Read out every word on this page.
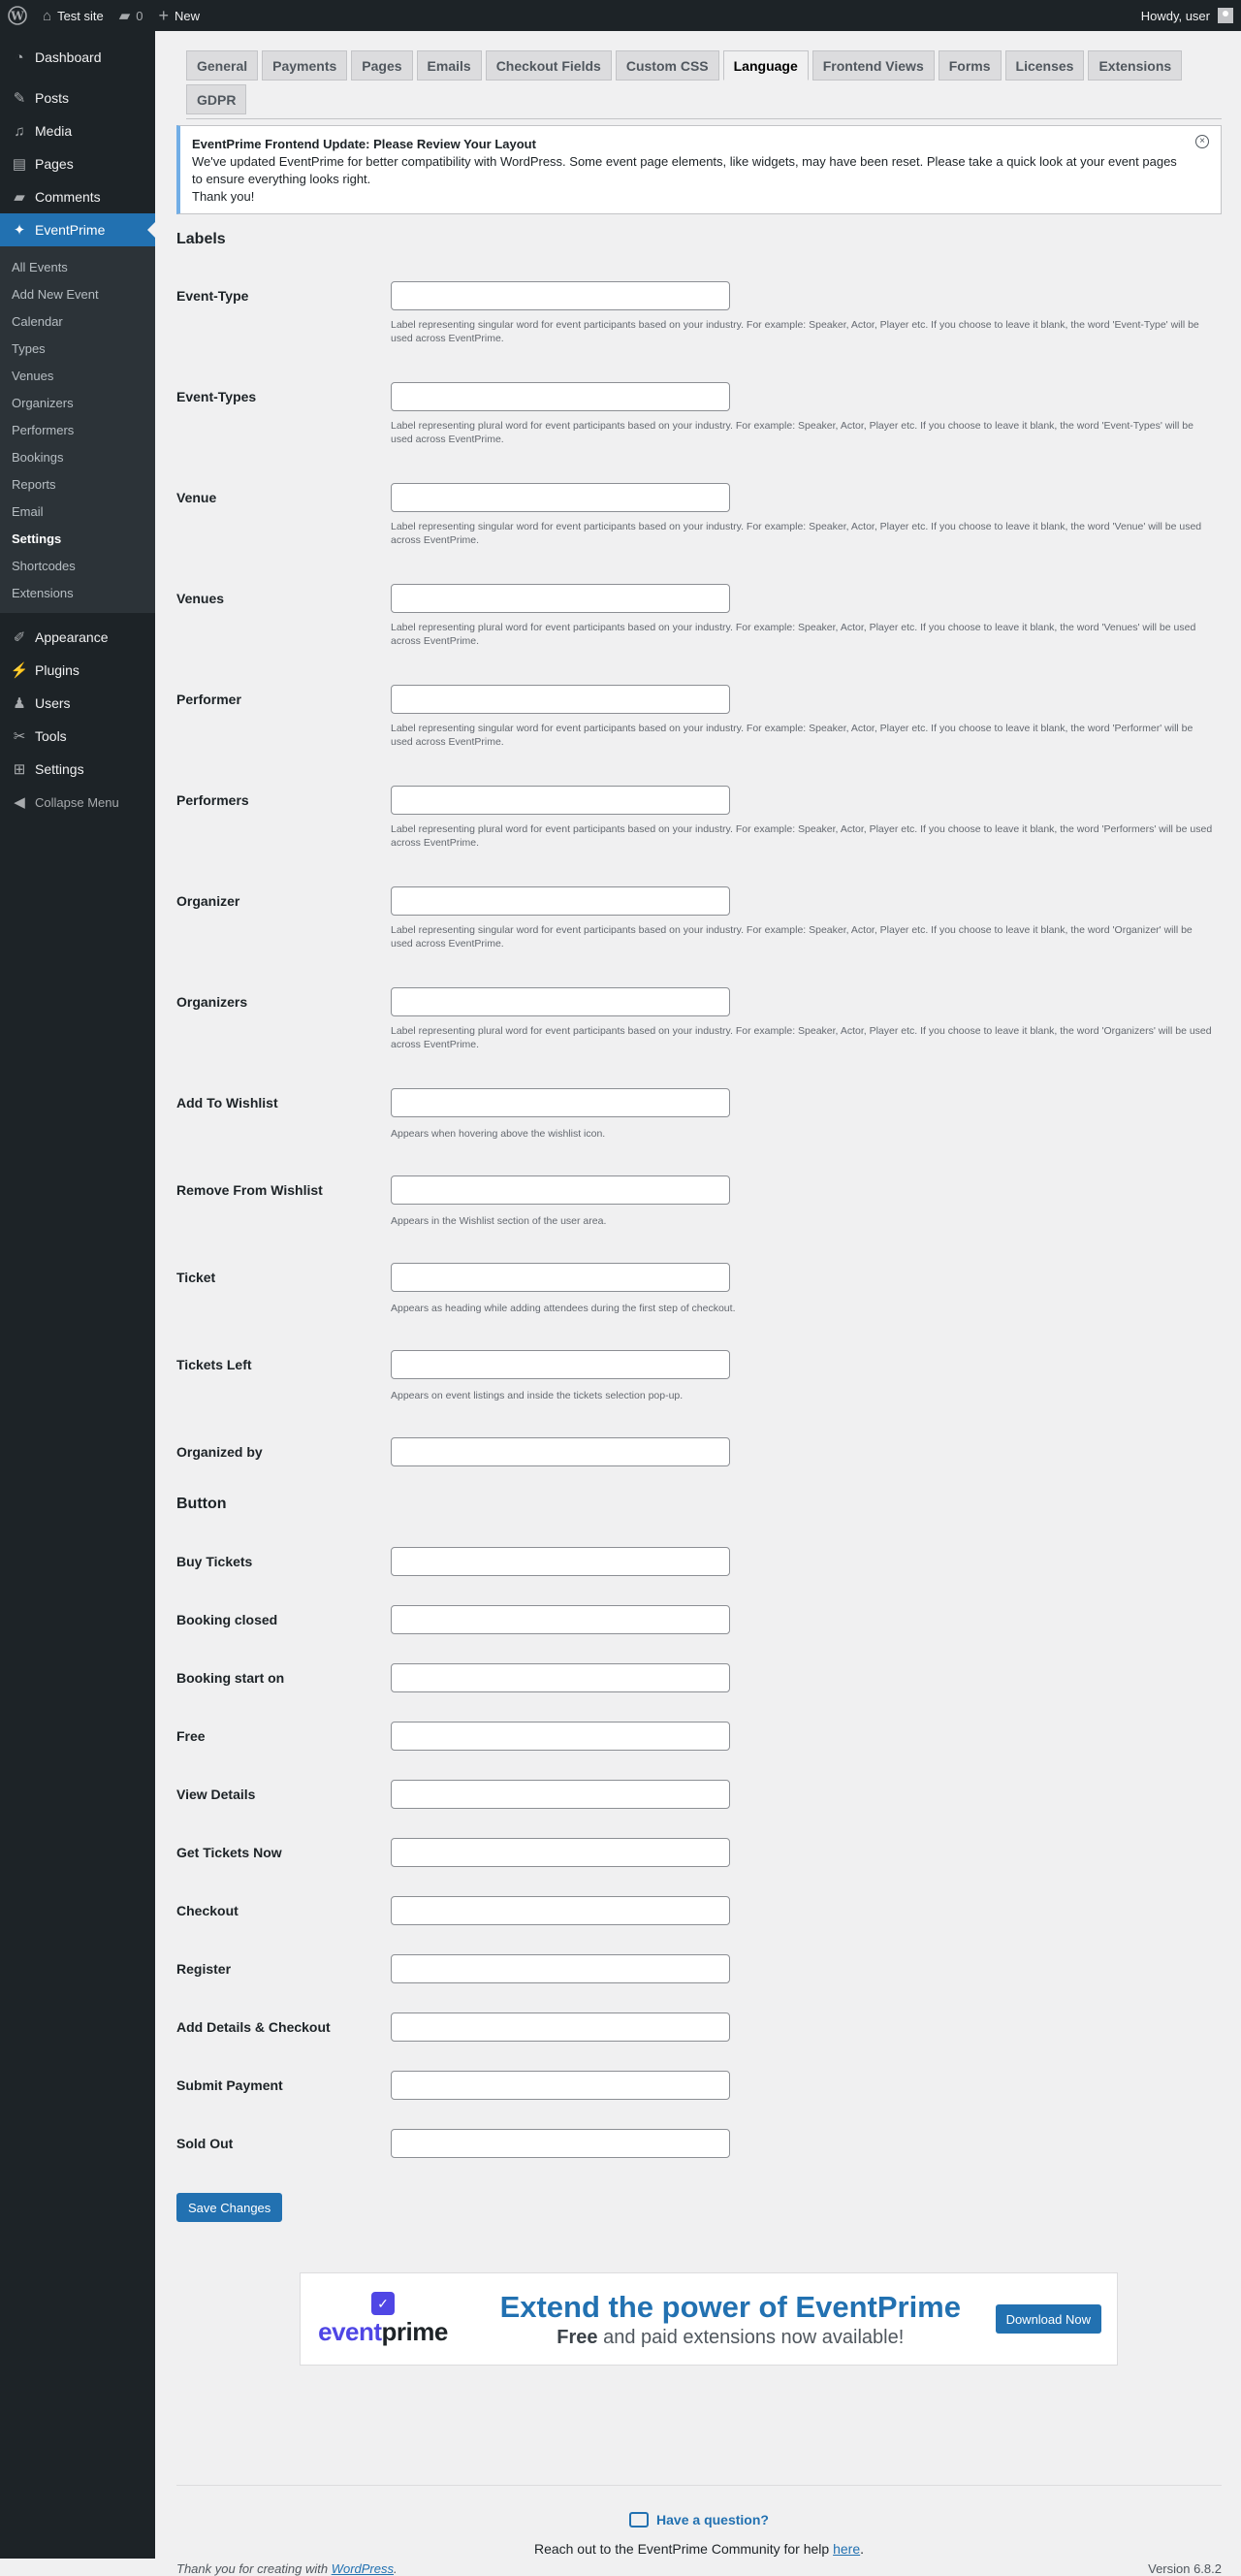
W ⌂ Test site ▰ 0 + New	Howdy, user
◔ Dashboard
✎ Posts
♫ Media
▤ Pages
▰ Comments
✦ EventPrime
All Events
Add New Event
Calendar
Types
Venues
Organizers
Performers
Bookings
Reports
Email
Settings
Shortcodes
Extensions
✐ Appearance
⚡ Plugins
♟ Users
✂ Tools
⊞ Settings
◀ Collapse Menu
General	Payments	Pages	Emails	Checkout Fields	Custom CSS	Language	Frontend Views	Forms	Licenses	Extensions
GDPR
EventPrime Frontend Update: Please Review Your Layout
We've updated EventPrime for better compatibility with WordPress. Some event page elements, like widgets, may have been reset. Please take a quick look at your event pages to ensure everything looks right.
Thank you!
×
Labels
Event-Type
Label representing singular word for event participants based on your industry. For example: Speaker, Actor, Player etc. If you choose to leave it blank, the word 'Event-Type' will be used across EventPrime.
Event-Types
Label representing plural word for event participants based on your industry. For example: Speaker, Actor, Player etc. If you choose to leave it blank, the word 'Event-Types' will be used across EventPrime.
Venue
Label representing singular word for event participants based on your industry. For example: Speaker, Actor, Player etc. If you choose to leave it blank, the word 'Venue' will be used across EventPrime.
Venues
Label representing plural word for event participants based on your industry. For example: Speaker, Actor, Player etc. If you choose to leave it blank, the word 'Venues' will be used across EventPrime.
Performer
Label representing singular word for event participants based on your industry. For example: Speaker, Actor, Player etc. If you choose to leave it blank, the word 'Performer' will be used across EventPrime.
Performers
Label representing plural word for event participants based on your industry. For example: Speaker, Actor, Player etc. If you choose to leave it blank, the word 'Performers' will be used across EventPrime.
Organizer
Label representing singular word for event participants based on your industry. For example: Speaker, Actor, Player etc. If you choose to leave it blank, the word 'Organizer' will be used across EventPrime.
Organizers
Label representing plural word for event participants based on your industry. For example: Speaker, Actor, Player etc. If you choose to leave it blank, the word 'Organizers' will be used across EventPrime.
Add To Wishlist
Appears when hovering above the wishlist icon.
Remove From Wishlist
Appears in the Wishlist section of the user area.
Ticket
Appears as heading while adding attendees during the first step of checkout.
Tickets Left
Appears on event listings and inside the tickets selection pop-up.
Organized by
Button
Buy Tickets
Booking closed
Booking start on
Free
View Details
Get Tickets Now
Checkout
Register
Add Details & Checkout
Submit Payment
Sold Out
Save Changes
✓
eventprime
Extend the power of EventPrime
Free and paid extensions now available!
Download Now
Have a question?
Reach out to the EventPrime Community for help here.
Thank you for creating with WordPress.	Version 6.8.2
